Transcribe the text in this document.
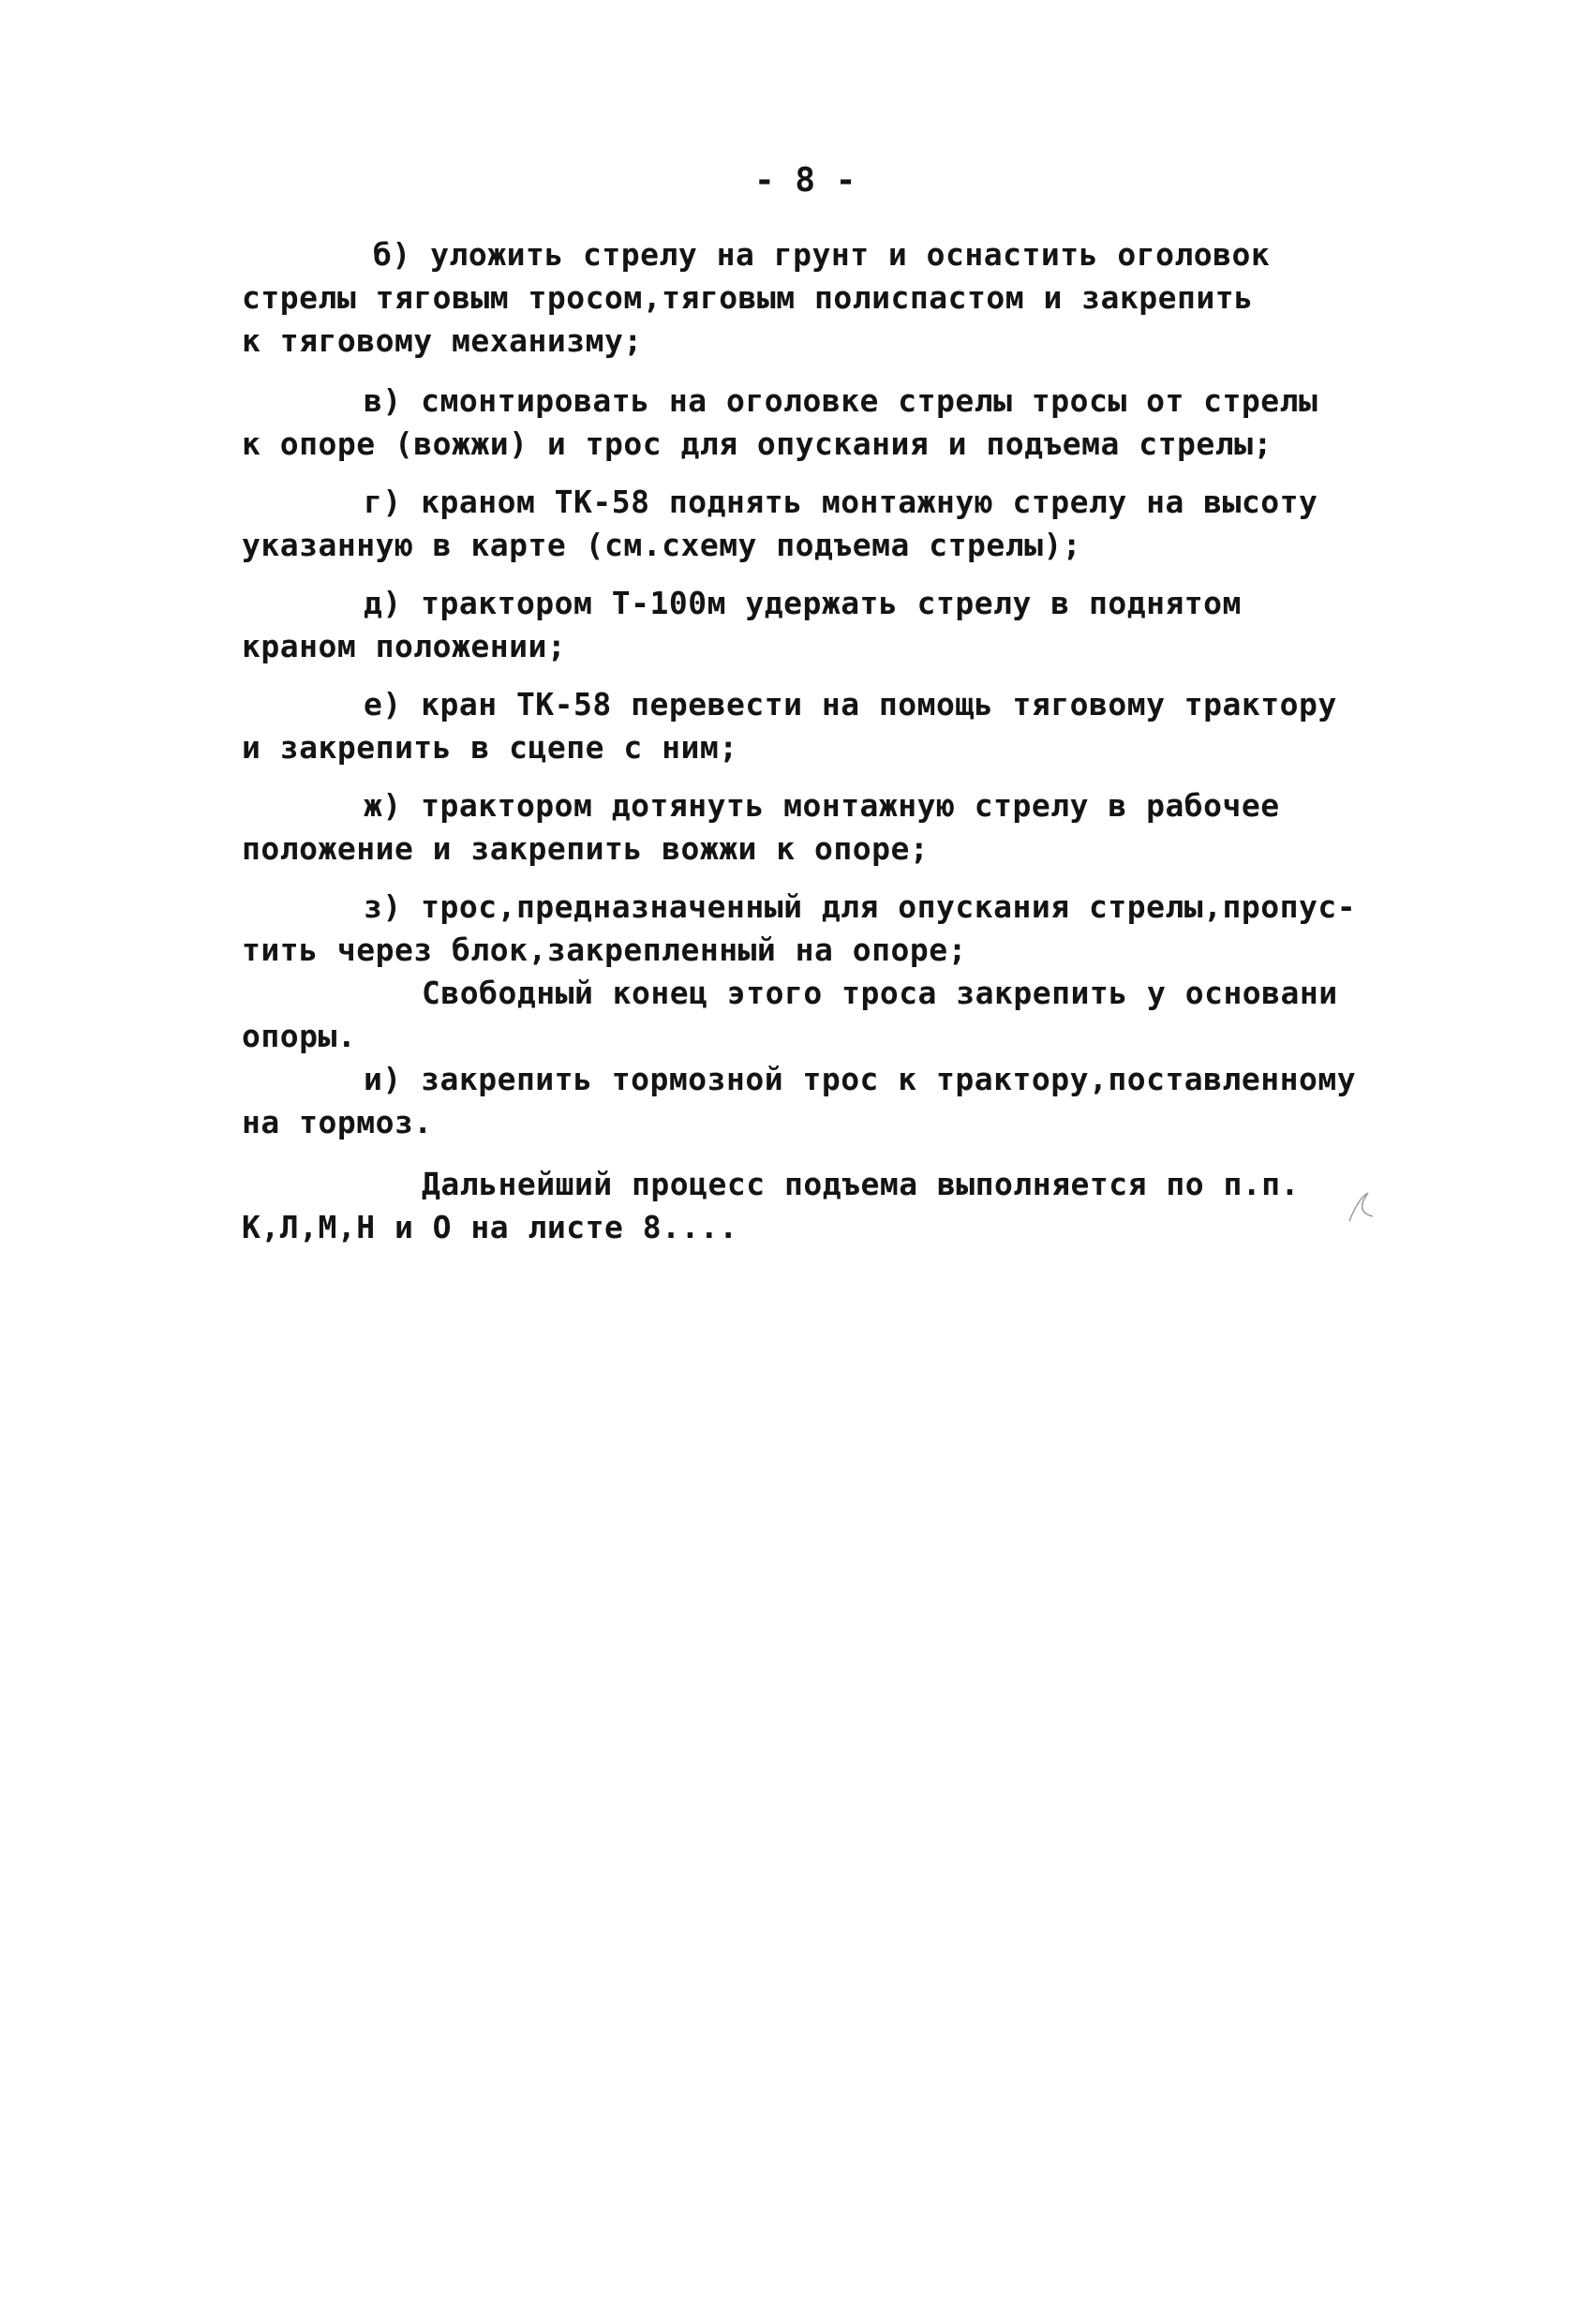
- 8 -
б) уложить стрелу на грунт и оснастить оголовок
стрелы тяговым тросом,тяговым полиспастом и закрепить
к тяговому механизму;
в) смонтировать на оголовке стрелы тросы от стрелы
к опоре (вожжи) и трос для опускания и подъема стрелы;
г) краном ТК-58 поднять монтажную стрелу на высоту
указанную в карте (см.схему подъема стрелы);
д) трактором Т-100м удержать стрелу в поднятом
краном положении;
е) кран ТК-58 перевести на помощь тяговому трактору
и закрепить в сцепе с ним;
ж) трактором дотянуть монтажную стрелу в рабочее
положение и закрепить вожжи к опоре;
з) трос,предназначенный для опускания стрелы,пропус-
тить через блок,закрепленный на опоре;
Свободный конец этого троса закрепить у основани
опоры.
и) закрепить тормозной трос к трактору,поставленному
на тормоз.
Дальнейший процесс подъема выполняется по п.п.
К,Л,М,Н и О на листе 8....
